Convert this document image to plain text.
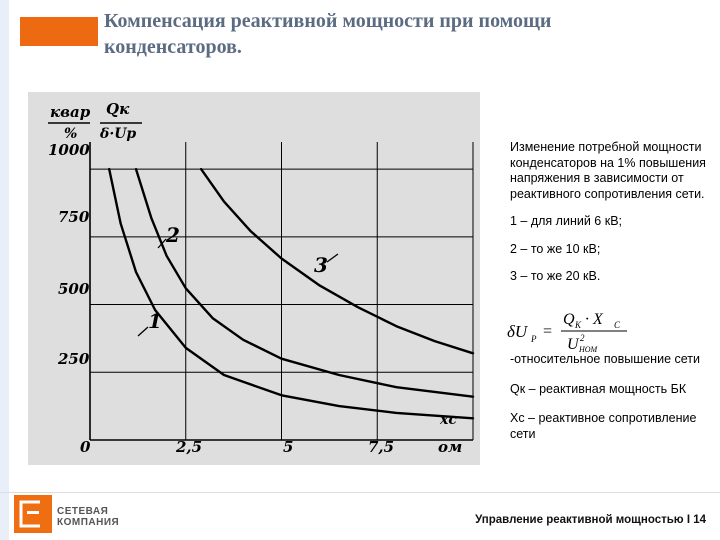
Компенсация реактивной мощности при помощи
конденсаторов.
квар
%
Qк
δ·Uр
1000
750
500
250
0	2,5	5	7,5	ом
xс
1
2
3

Изменение потребной мощности конденсаторов на 1% повышения напряжения в зависимости от реактивного сопротивления сети.

1 – для линий 6 кВ;

2 – то же 10 кВ;

3 – то же 20 кВ.

δU Р =
Q К · X С
U 2
НОМ

-относительное повышение сети

Qк – реактивная мощность БК

Хс – реактивное сопротивление сети

СЕТЕВАЯ
КОМПАНИЯ	Управление реактивной мощностью I 14
